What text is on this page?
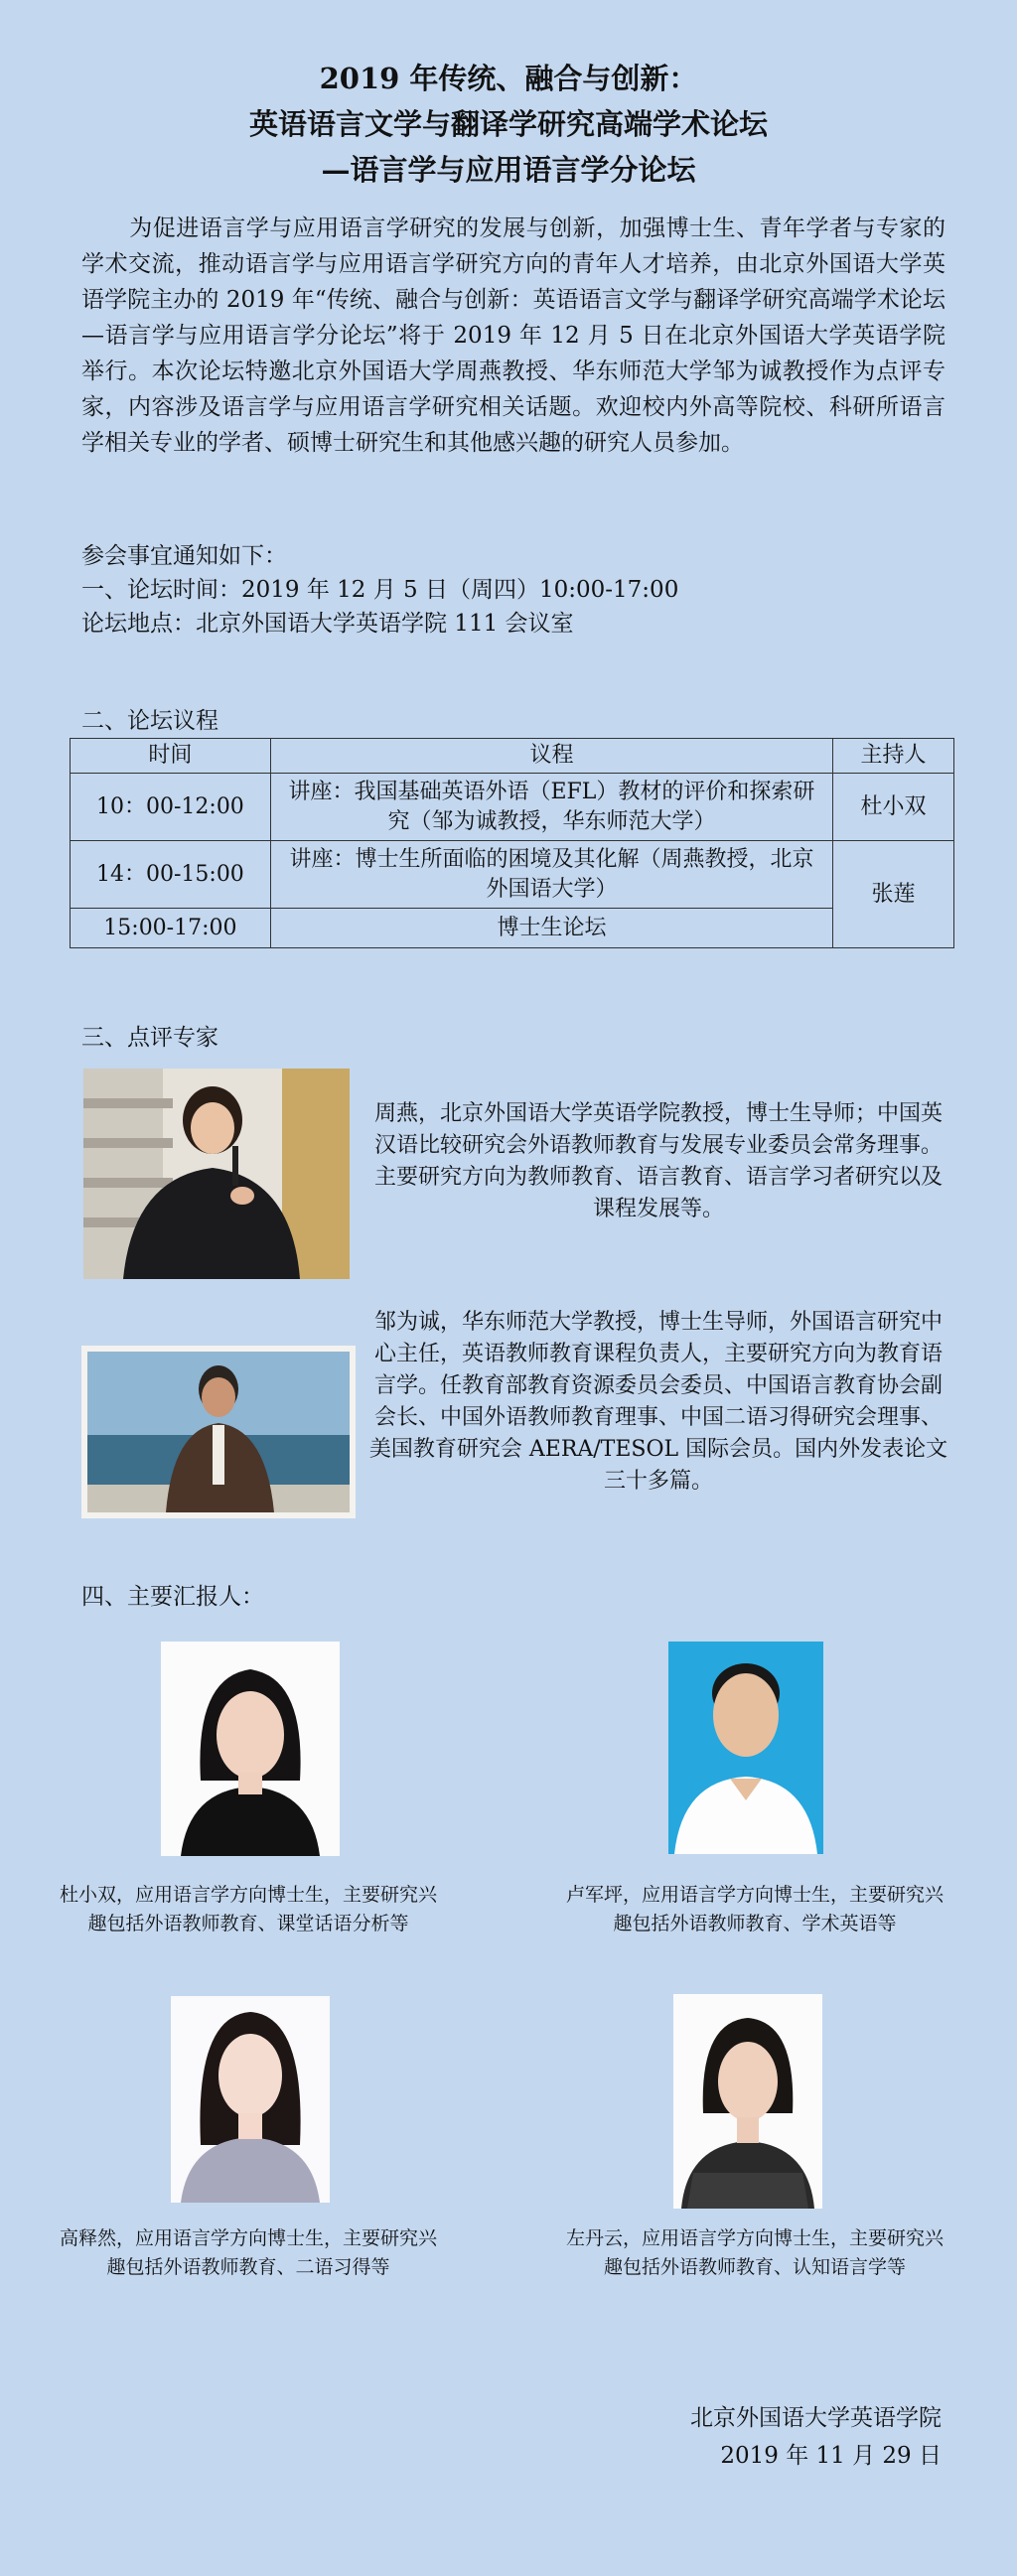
2019 年传统、融合与创新：
英语语言文学与翻译学研究高端学术论坛
—语言学与应用语言学分论坛

为促进语言学与应用语言学研究的发展与创新，加强博士生、青年学者与专家的学术交流，推动语言学与应用语言学研究方向的青年人才培养，由北京外国语大学英语学院主办的 2019 年“传统、融合与创新：英语语言文学与翻译学研究高端学术论坛—语言学与应用语言学分论坛”将于 2019 年 12 月 5 日在北京外国语大学英语学院举行。本次论坛特邀北京外国语大学周燕教授、华东师范大学邹为诚教授作为点评专家，内容涉及语言学与应用语言学研究相关话题。欢迎校内外高等院校、科研所语言学相关专业的学者、硕博士研究生和其他感兴趣的研究人员参加。

参会事宜通知如下：
一、论坛时间：2019 年 12 月 5 日（周四）10:00-17:00
论坛地点：北京外国语大学英语学院 111 会议室
二、论坛议程
时间	议程	主持人
10：00-12:00	讲座：我国基础英语外语（EFL）教材的评价和探索研究（邹为诚教授，华东师范大学）	杜小双
14：00-15:00	讲座：博士生所面临的困境及其化解（周燕教授，北京外国语大学）	张莲
15:00-17:00	博士生论坛	
三、点评专家
周燕，北京外国语大学英语学院教授，博士生导师；中国英汉语比较研究会外语教师教育与发展专业委员会常务理事。主要研究方向为教师教育、语言教育、语言学习者研究以及课程发展等。
邹为诚，华东师范大学教授，博士生导师，外国语言研究中心主任，英语教师教育课程负责人，主要研究方向为教育语言学。任教育部教育资源委员会委员、中国语言教育协会副会长、中国外语教师教育理事、中国二语习得研究会理事、美国教育研究会 AERA/TESOL 国际会员。国内外发表论文三十多篇。
四、主要汇报人：
杜小双，应用语言学方向博士生，主要研究兴趣包括外语教师教育、课堂话语分析等
卢军坪，应用语言学方向博士生，主要研究兴趣包括外语教师教育、学术英语等
高释然，应用语言学方向博士生，主要研究兴趣包括外语教师教育、二语习得等
左丹云，应用语言学方向博士生，主要研究兴趣包括外语教师教育、认知语言学等
北京外国语大学英语学院
2019 年 11 月 29 日
